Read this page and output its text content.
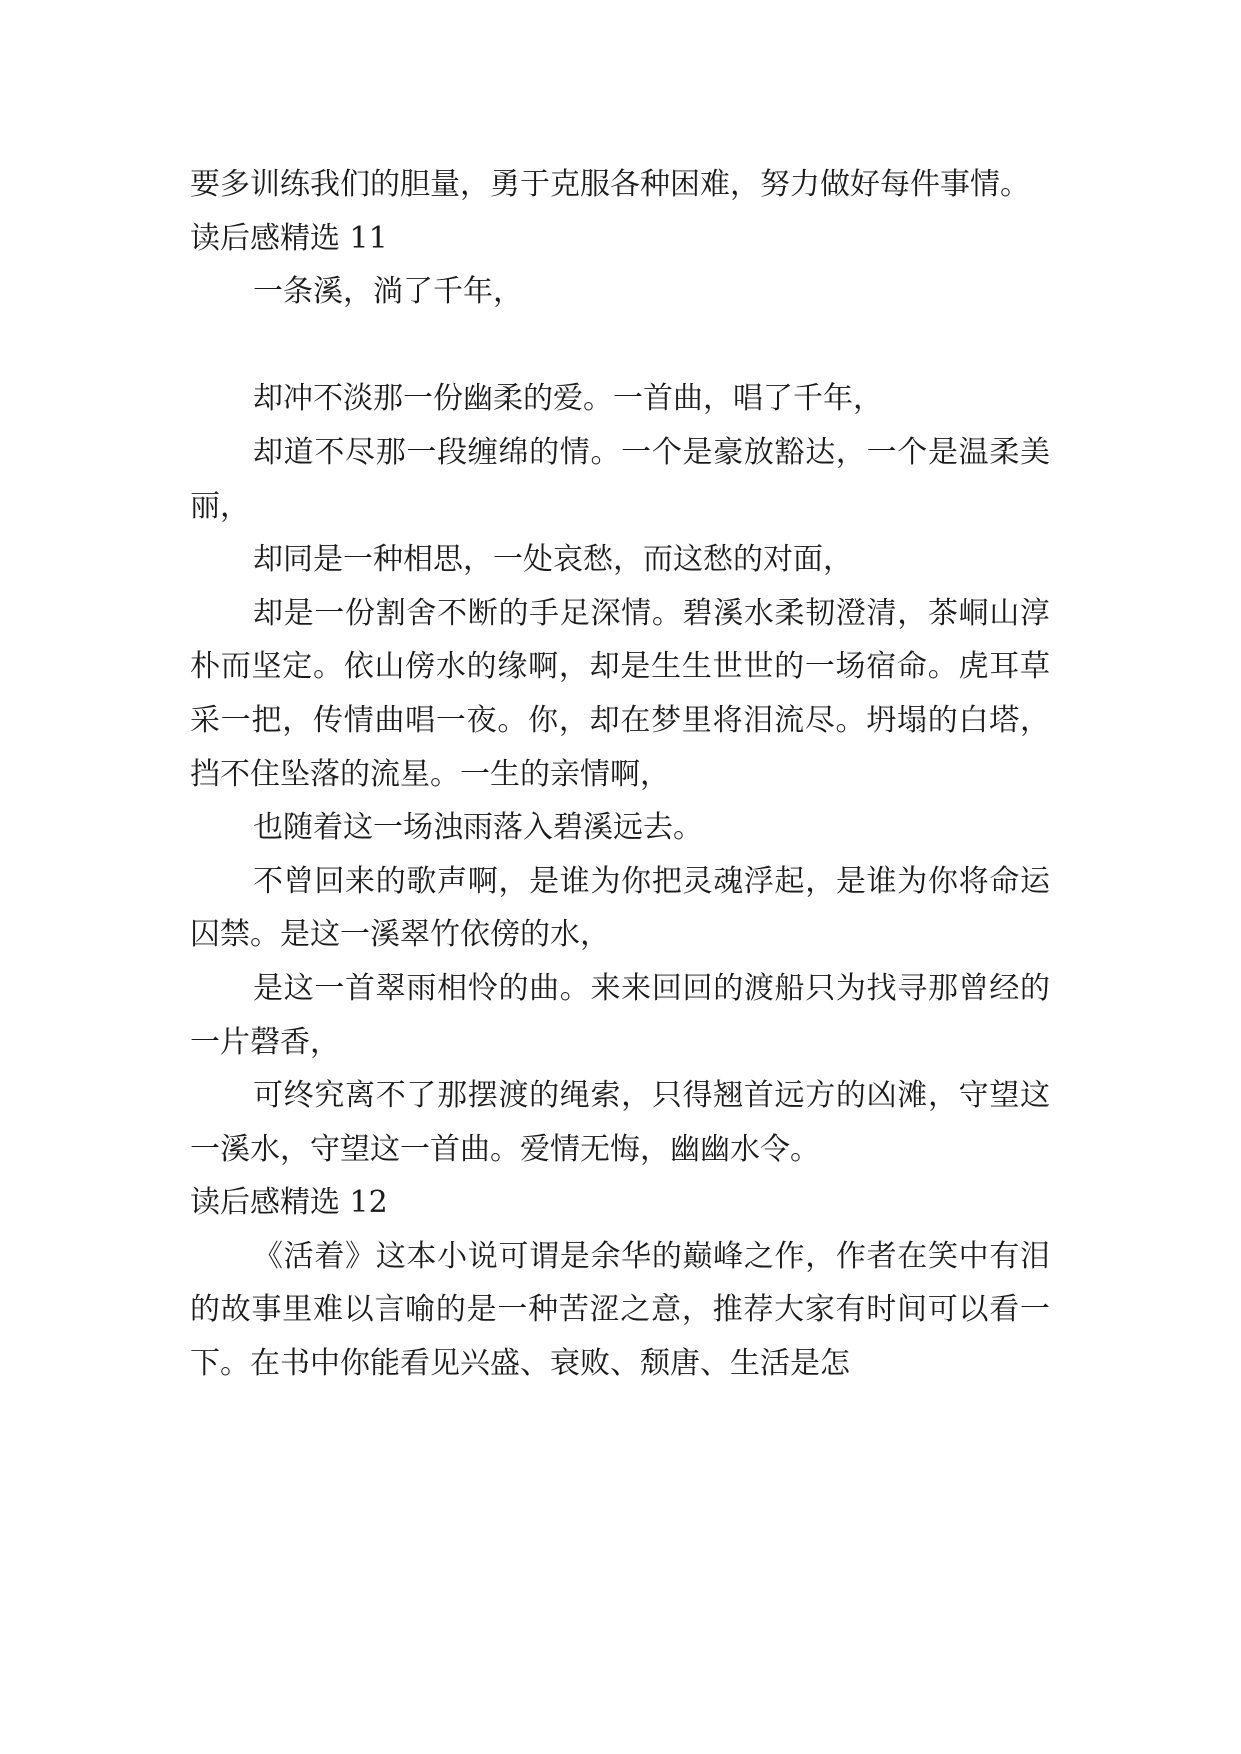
要多训练我们的胆量，勇于克服各种困难，努力做好每件事情。

读后感精选 11

一条溪，淌了千年，

却冲不淡那一份幽柔的爱。一首曲，唱了千年，

却道不尽那一段缠绵的情。一个是豪放豁达，一个是温柔美丽，

却同是一种相思，一处哀愁，而这愁的对面，

却是一份割舍不断的手足深情。碧溪水柔韧澄清，茶峒山淳朴而坚定。依山傍水的缘啊，却是生生世世的一场宿命。虎耳草采一把，传情曲唱一夜。你，却在梦里将泪流尽。坍塌的白塔，挡不住坠落的流星。一生的亲情啊，

也随着这一场浊雨落入碧溪远去。

不曾回来的歌声啊，是谁为你把灵魂浮起，是谁为你将命运囚禁。是这一溪翠竹依傍的水，

是这一首翠雨相怜的曲。来来回回的渡船只为找寻那曾经的一片磬香，

可终究离不了那摆渡的绳索，只得翘首远方的凶滩，守望这一溪水，守望这一首曲。爱情无悔，幽幽水令。

读后感精选 12

《活着》这本小说可谓是余华的巅峰之作，作者在笑中有泪的故事里难以言喻的是一种苦涩之意，推荐大家有时间可以看一下。在书中你能看见兴盛、衰败、颓唐、生活是怎
